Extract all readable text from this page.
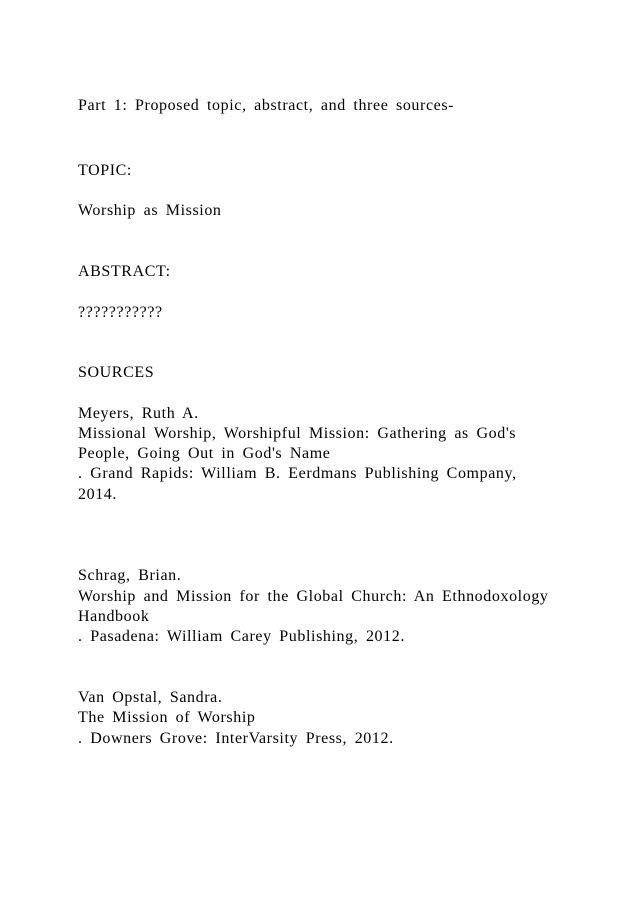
Part 1: Proposed topic, abstract, and three sources-
TOPIC:
Worship as Mission
ABSTRACT:
???????????
SOURCES
Meyers, Ruth A.
Missional Worship, Worshipful Mission: Gathering as God's
People, Going Out in God's Name
. Grand Rapids: William B. Eerdmans Publishing Company,
2014.
Schrag, Brian.
Worship and Mission for the Global Church: An Ethnodoxology
Handbook
. Pasadena: William Carey Publishing, 2012.
Van Opstal, Sandra.
The Mission of Worship
. Downers Grove: InterVarsity Press, 2012.
